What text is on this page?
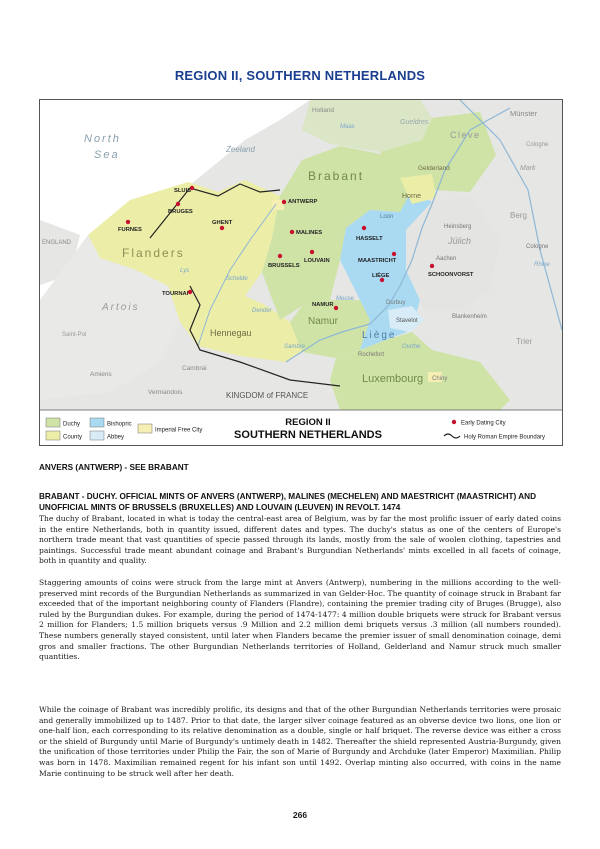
REGION II, SOUTHERN NETHERLANDS
North
Sea
Brabant
Flanders
Hennegau
Namur
Luxembourg
Artois
Horne
Liège
Vermandois	KINGDOM of FRANCE
Holland
Gelderland
Gueldres
Cleve
Münster
Berg
Jülich
Trier
Mark
Cologne
ENGLAND
Zeeland
Amiens
Cambrai
Saint-Pol
Stavelot
Rochefort
Blankenheim
Heinsberg
Cologne
Aachen
Durbuy
Chiny
Loon
Maas
Meuse
Rhine
Schelde
Lys
Sambre
Dender
Ourthe
SLUIS
ANTWERP
BRUGES
GHENT
FURNES	MALINES
HASSELT
LOUVAIN
BRUSSELS
MAASTRICHT
LIÈGE	SCHOONVORST
TOURNAI
NAMUR
Duchy
County
Bishopric
Abbey
Imperial Free City
REGION II
SOUTHERN NETHERLANDS
Early Dating City
Holy Roman Empire Boundary
ANVERS (ANTWERP) - SEE BRABANT
BRABANT - DUCHY. OFFICIAL MINTS OF ANVERS (ANTWERP), MALINES (MECHELEN) AND MAESTRICHT (MAASTRICHT) AND UNOFFICIAL MINTS OF BRUSSELS (BRUXELLES) AND LOUVAIN (LEUVEN) IN REVOLT. 1474

The duchy of Brabant, located in what is today the central-east area of Belgium, was by far the most prolific issuer of early dated coins in the entire Netherlands, both in quantity issued, different dates and types. The duchy's status as one of the centers of Europe's northern trade meant that vast quantities of specie passed through its lands, mostly from the sale of woolen clothing, tapestries and paintings. Successful trade meant abundant coinage and Brabant's Burgundian Netherlands' mints excelled in all facets of coinage, both in quantity and quality.

Staggering amounts of coins were struck from the large mint at Anvers (Antwerp), numbering in the millions according to the well-preserved mint records of the Burgundian Netherlands as summarized in van Gelder-Hoc. The quantity of coinage struck in Brabant far exceeded that of the important neighboring county of Flanders (Flandre), containing the premier trading city of Bruges (Brugge), also ruled by the Burgundian dukes. For example, during the period of 1474-1477: 4 million double briquets were struck for Brabant versus 2 million for Flanders; 1.5 million briquets versus .9 Million and 2.2 million demi briquets versus .3 million (all numbers rounded). These numbers generally stayed consistent, until later when Flanders became the premier issuer of small denomination coinage, demi gros and smaller fractions. The other Burgundian Netherlands territories of Holland, Gelderland and Namur struck much smaller quantities.

While the coinage of Brabant was incredibly prolific, its designs and that of the other Burgundian Netherlands territories were prosaic and generally immobilized up to 1487. Prior to that date, the larger silver coinage featured as an obverse device two lions, one lion or one-half lion, each corresponding to its relative denomination as a double, single or half briquet. The reverse device was either a cross or the shield of Burgundy until Marie of Burgundy's untimely death in 1482. Thereafter the shield represented Austria-Burgundy, given the unification of those territories under Philip the Fair, the son of Marie of Burgundy and Archduke (later Emperor) Maximilian. Philip was born in 1478. Maximilian remained regent for his infant son until 1492. Overlap minting also occurred, with coins in the name Marie continuing to be struck well after her death.

266
